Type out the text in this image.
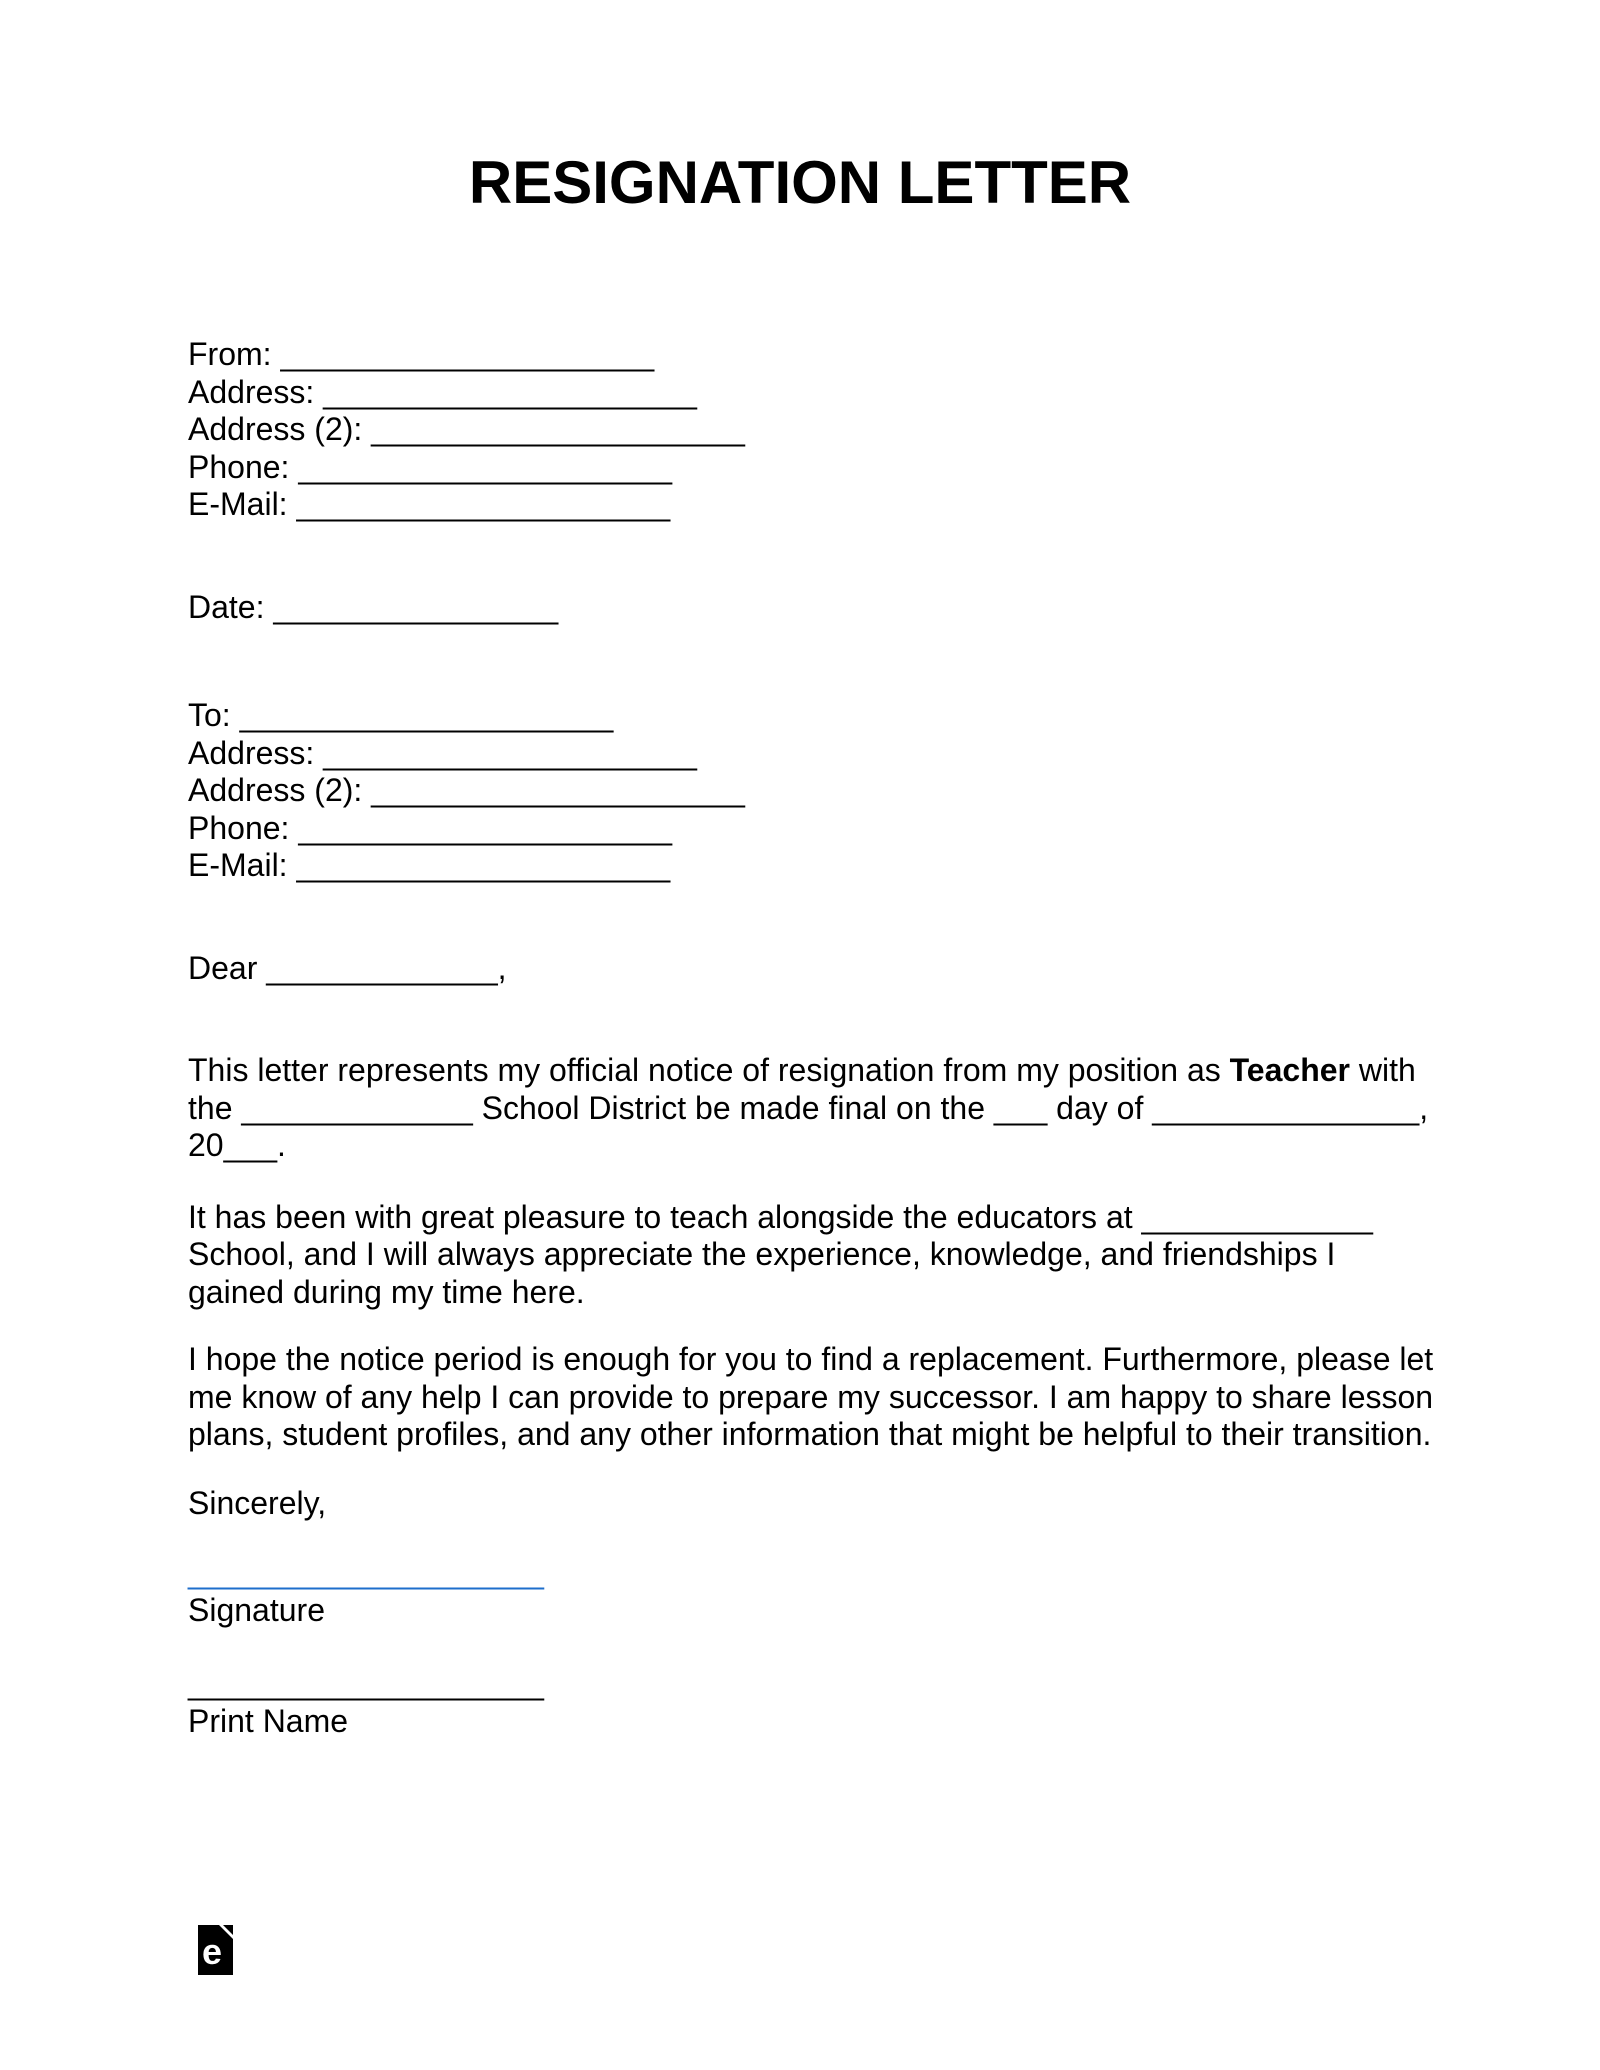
RESIGNATION LETTER
From: _____________________
Address: _____________________
Address (2): _____________________
Phone: _____________________
E-Mail: _____________________
Date: ________________
To: _____________________
Address: _____________________
Address (2): _____________________
Phone: _____________________
E-Mail: _____________________
Dear _____________,
This letter represents my official notice of resignation from my position as Teacher with
the _____________ School District be made final on the ___ day of _______________,
20___.
It has been with great pleasure to teach alongside the educators at _____________
School, and I will always appreciate the experience, knowledge, and friendships I
gained during my time here.
I hope the notice period is enough for you to find a replacement. Furthermore, please let
me know of any help I can provide to prepare my successor. I am happy to share lesson
plans, student profiles, and any other information that might be helpful to their transition.
Sincerely,
____________________
Signature
____________________
Print Name
e
